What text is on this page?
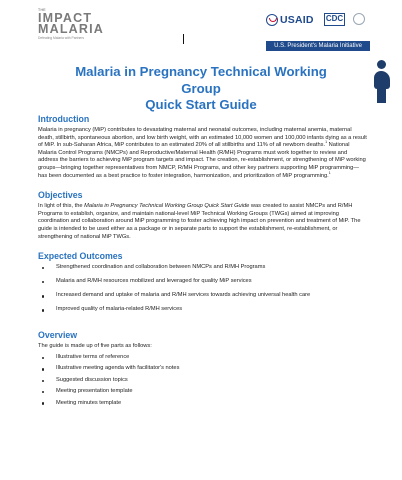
THE
IMPACT
MALARIA
Defeating Malaria with Partners
USAID CDC
U.S. President's Malaria Initiative
Malaria in Pregnancy Technical Working Group
Quick Start Guide
Introduction

Malaria in pregnancy (MiP) contributes to devastating maternal and neonatal outcomes, including maternal anemia, maternal death, stillbirth, spontaneous abortion, and low birth weight, with an estimated 10,000 women and 100,000 infants dying as a result of MiP. In sub-Saharan Africa, MiP contributes to an estimated 20% of all stillbirths and 11% of all newborn deaths.$^1$ National Malaria Control Programs (NMCPs) and Reproductive/Maternal Health (R/MH) Programs must work together to review and address the barriers to achieving MiP program targets and impact. The creation, re-establishment, or strengthening of MiP working groups—bringing together representatives from NMCP, R/MH Programs, and other key partners supporting MiP programming—has been documented as a best practice to foster integration, harmonization, and prioritization of MiP programming.$^1$

Objectives

In light of this, the Malaria in Pregnancy Technical Working Group Quick Start Guide was created to assist NMCPs and R/MH Programs to establish, organize, and maintain national-level MiP Technical Working Groups (TWGs) aimed at improving coordination and collaboration around MiP programming to foster achieving high impact on prevention and treatment of MiP. The guide is intended to be used either as a package or in separate parts to support the establishment, re-establishment, or strengthening of national MiP TWGs.

Expected Outcomes
Strengthened coordination and collaboration between NMCPs and R/MH Programs
Malaria and R/MH resources mobilized and leveraged for quality MiP services
Increased demand and uptake of malaria and R/MH services towards achieving universal health care
Improved quality of malaria-related R/MH services
Overview

The guide is made up of five parts as follows:

Illustrative terms of reference
Illustrative meeting agenda with facilitator's notes
Suggested discussion topics
Meeting presentation template
Meeting minutes template
